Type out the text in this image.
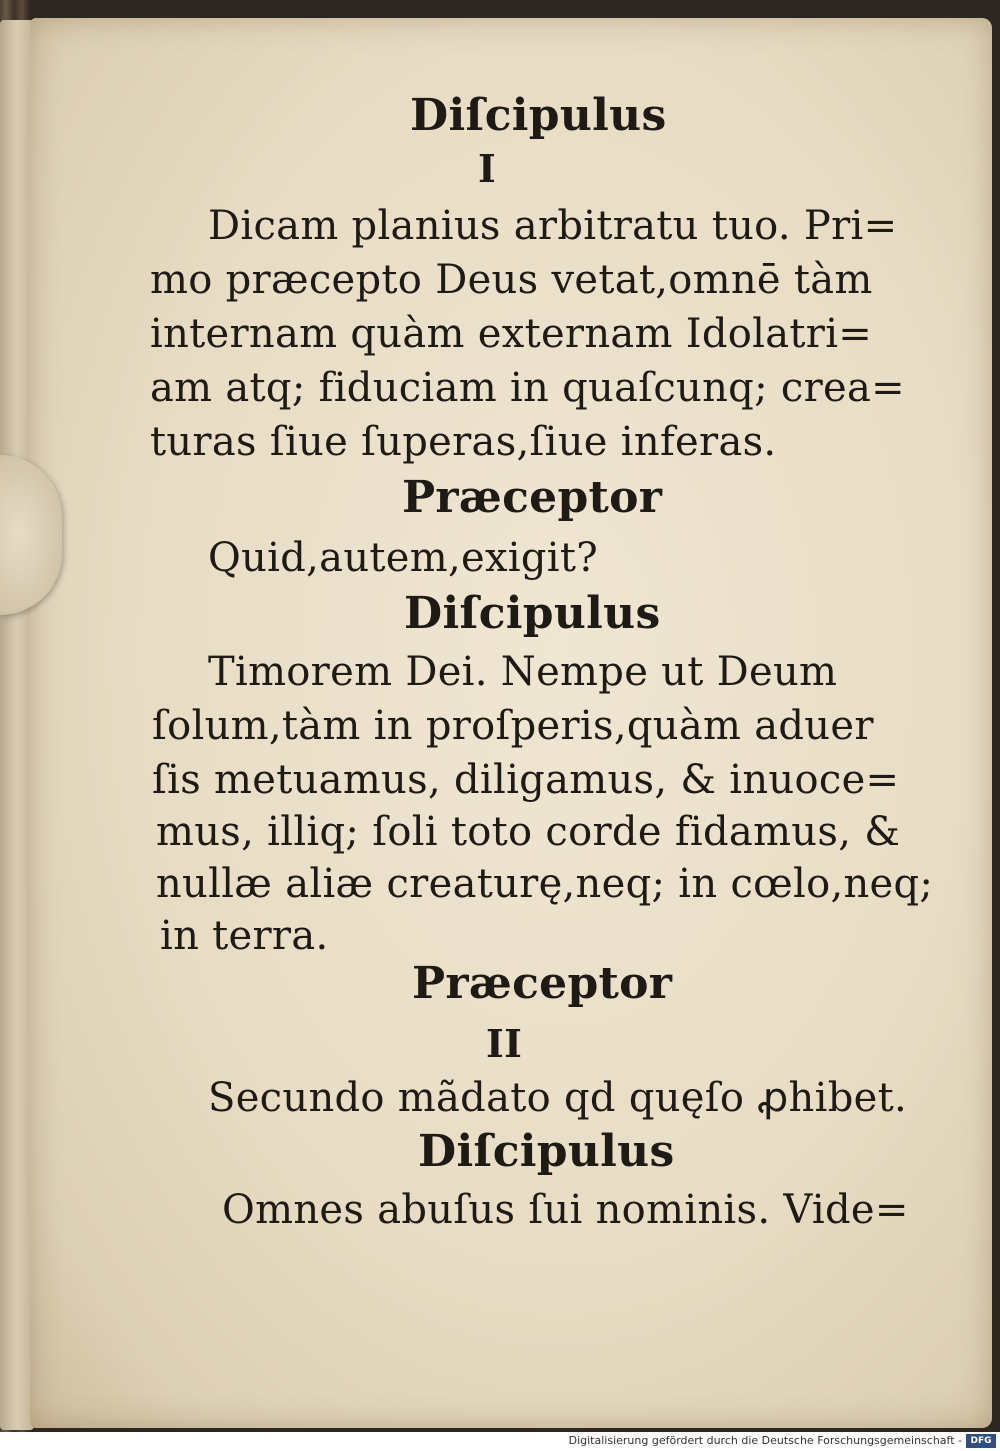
Diſcipulus
I
Dicam planius arbitratu tuo. Pri=
mo præcepto Deus vetat,omnē tàm
internam quàm externam Idolatri=
am atq; fiduciam in quaſcunq; crea=
turas ſiue ſuperas,ſiue inferas.
Præceptor
Quid,autem,exigit?
Diſcipulus
Timorem Dei. Nempe ut Deum
ſolum,tàm in proſperis,quàm aduer
ſis metuamus, diligamus, & inuoce=
mus, illiq; ſoli toto corde fidamus, &
nullæ aliæ creaturę,neq; in cœlo,neq;
in terra.
Præceptor
II
Secundo mãdato qd quęſo ꝓhibet.
Diſcipulus
Omnes abuſus ſui nominis. Vide=
Digitalisierung gefördert durch die Deutsche Forschungsgemeinschaft - DFG
